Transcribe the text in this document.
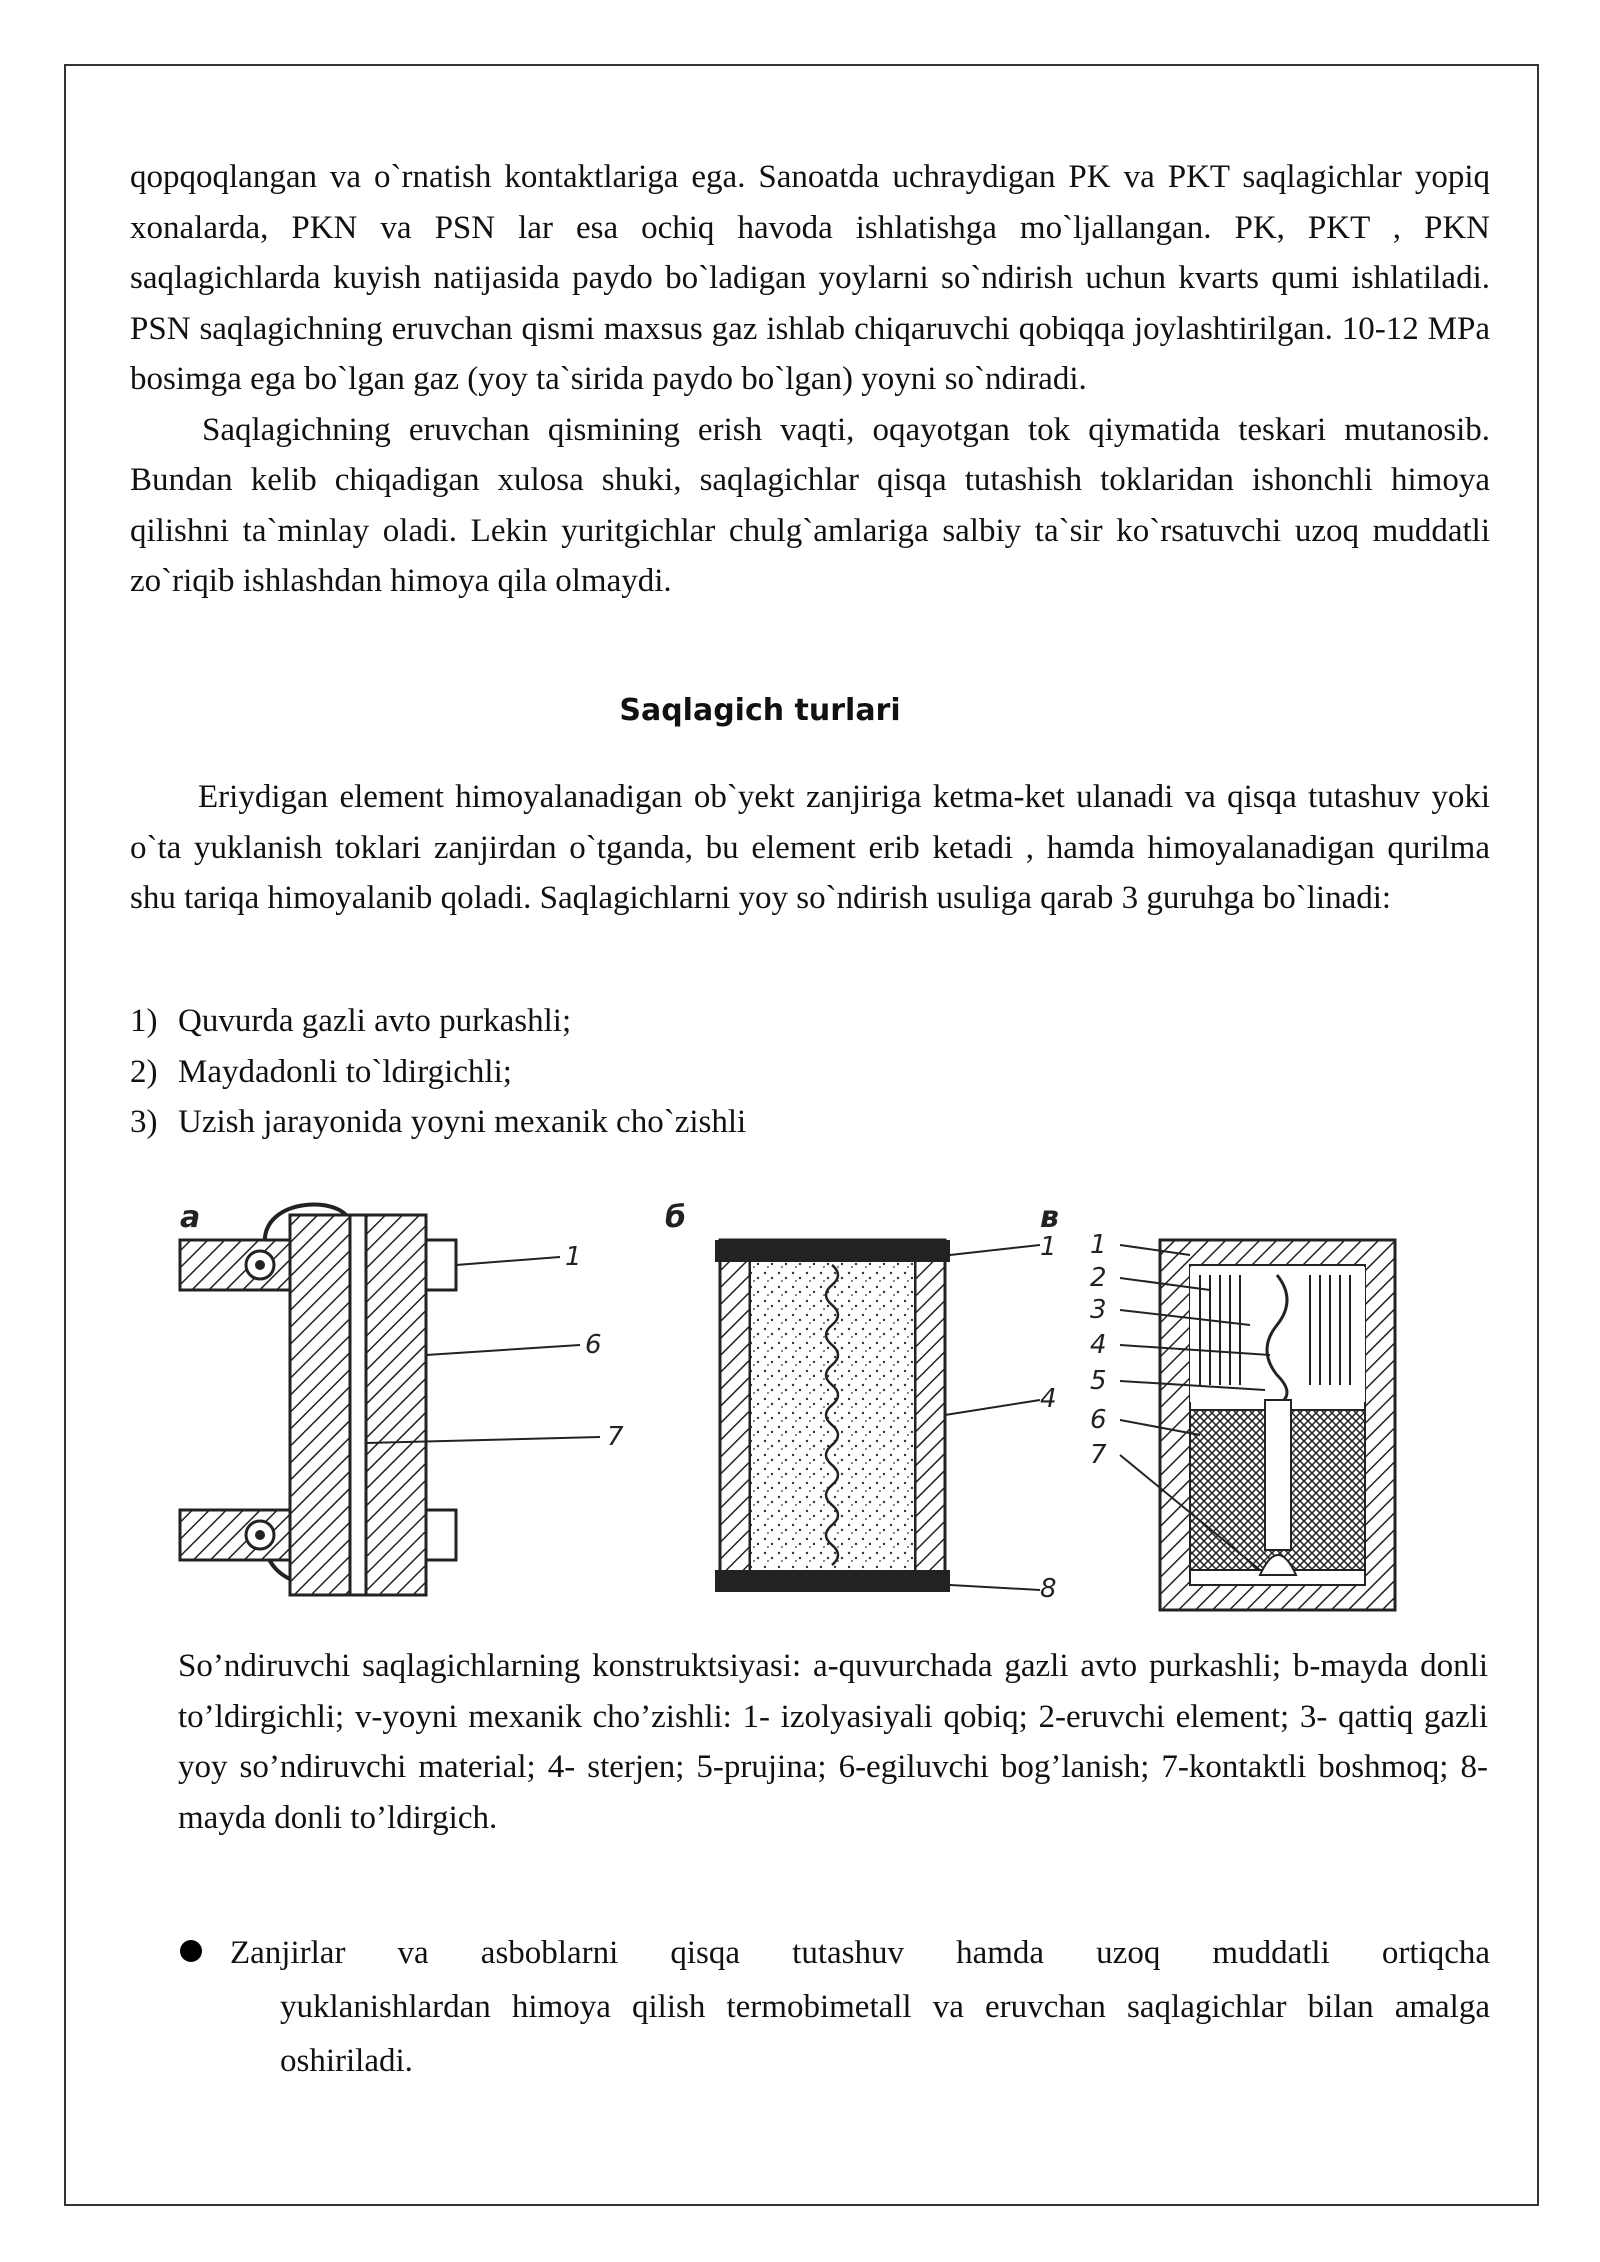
qopqoqlangan va o`rnatish kontaktlariga ega. Sanoatda uchraydigan PK va PKT saqlagichlar yopiq xonalarda, PKN va PSN lar esa ochiq havoda ishlatishga mo`ljallangan. PK, PKT , PKN saqlagichlarda kuyish natijasida paydo bo`ladigan yoylarni so`ndirish uchun kvarts qumi ishlatiladi. PSN saqlagichning eruvchan qismi maxsus gaz ishlab chiqaruvchi qobiqqa joylashtirilgan. 10-12 MPa bosimga ega bo`lgan gaz (yoy ta`sirida paydo bo`lgan) yoyni so`ndiradi.

Saqlagichning eruvchan qismining erish vaqti, oqayotgan tok qiymatida teskari mutanosib. Bundan kelib chiqadigan xulosa shuki, saqlagichlar qisqa tutashish toklaridan ishonchli himoya qilishni ta`minlay oladi. Lekin yuritgichlar chulg`amlariga salbiy ta`sir ko`rsatuvchi uzoq muddatli zo`riqib ishlashdan himoya qila olmaydi.

Saqlagich turlari
Eriydigan element himoyalanadigan ob`yekt zanjiriga ketma-ket ulanadi va qisqa tutashuv yoki o`ta yuklanish toklari zanjirdan o`tganda, bu element erib ketadi , hamda himoyalanadigan qurilma shu tariqa himoyalanib qoladi. Saqlagichlarni yoy so`ndirish usuliga qarab 3 guruhga bo`linadi:
1) Quvurda gazli avto purkashli;
2) Maydadonli to`ldirgichli;
3) Uzish jarayonida yoyni mexanik cho`zishli
a
1
6
7
б	в
1
4
8
1
2
3
4
5
6
7
So’ndiruvchi saqlagichlarning konstruktsiyasi: a-quvurchada gazli avto purkashli; b-mayda donli to’ldirgichli; v-yoyni mexanik cho’zishli: 1- izolyasiyali qobiq; 2-eruvchi element; 3- qattiq gazli yoy so’ndiruvchi material; 4- sterjen; 5-prujina; 6-egiluvchi bog’lanish; 7-kontaktli boshmoq; 8-mayda donli to’ldirgich.
Zanjirlar va asboblarni qisqa tutashuv hamda uzoq muddatli ortiqcha
yuklanishlardan himoya qilish termobimetall va eruvchan saqlagichlar bilan amalga oshiriladi.
